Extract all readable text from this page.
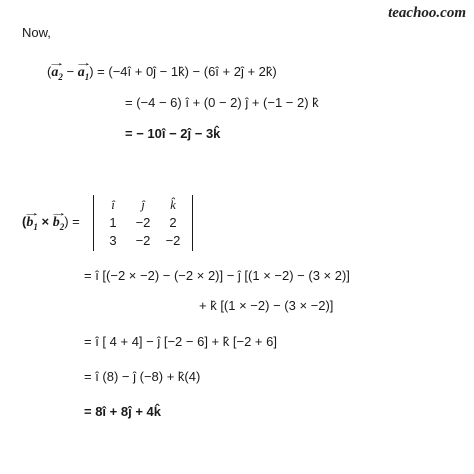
teachoo.com
Now,
(→ $a_2$ − → $a_1$) = (−4î + 0ĵ − 1k̂) − (6î + 2ĵ + 2k̂)
= (−4 − 6) î + (0 − 2) ĵ + (−1 − 2) k̂
= − 10î − 2ĵ − 3k̂
(→ $b_1$ × → $b_2$) =
î	ĵ	k̂
1	−2	2
3	−2	−2
= î [(−2 × −2) − (−2 × 2)] − ĵ [(1 × −2) − (3 × 2)]
+ k̂ [(1 × −2) − (3 × −2)]
= î [ 4 + 4] − ĵ [−2 − 6] + k̂ [−2 + 6]
= î (8) − ĵ (−8) + k̂(4)
= 8î + 8ĵ + 4k̂
